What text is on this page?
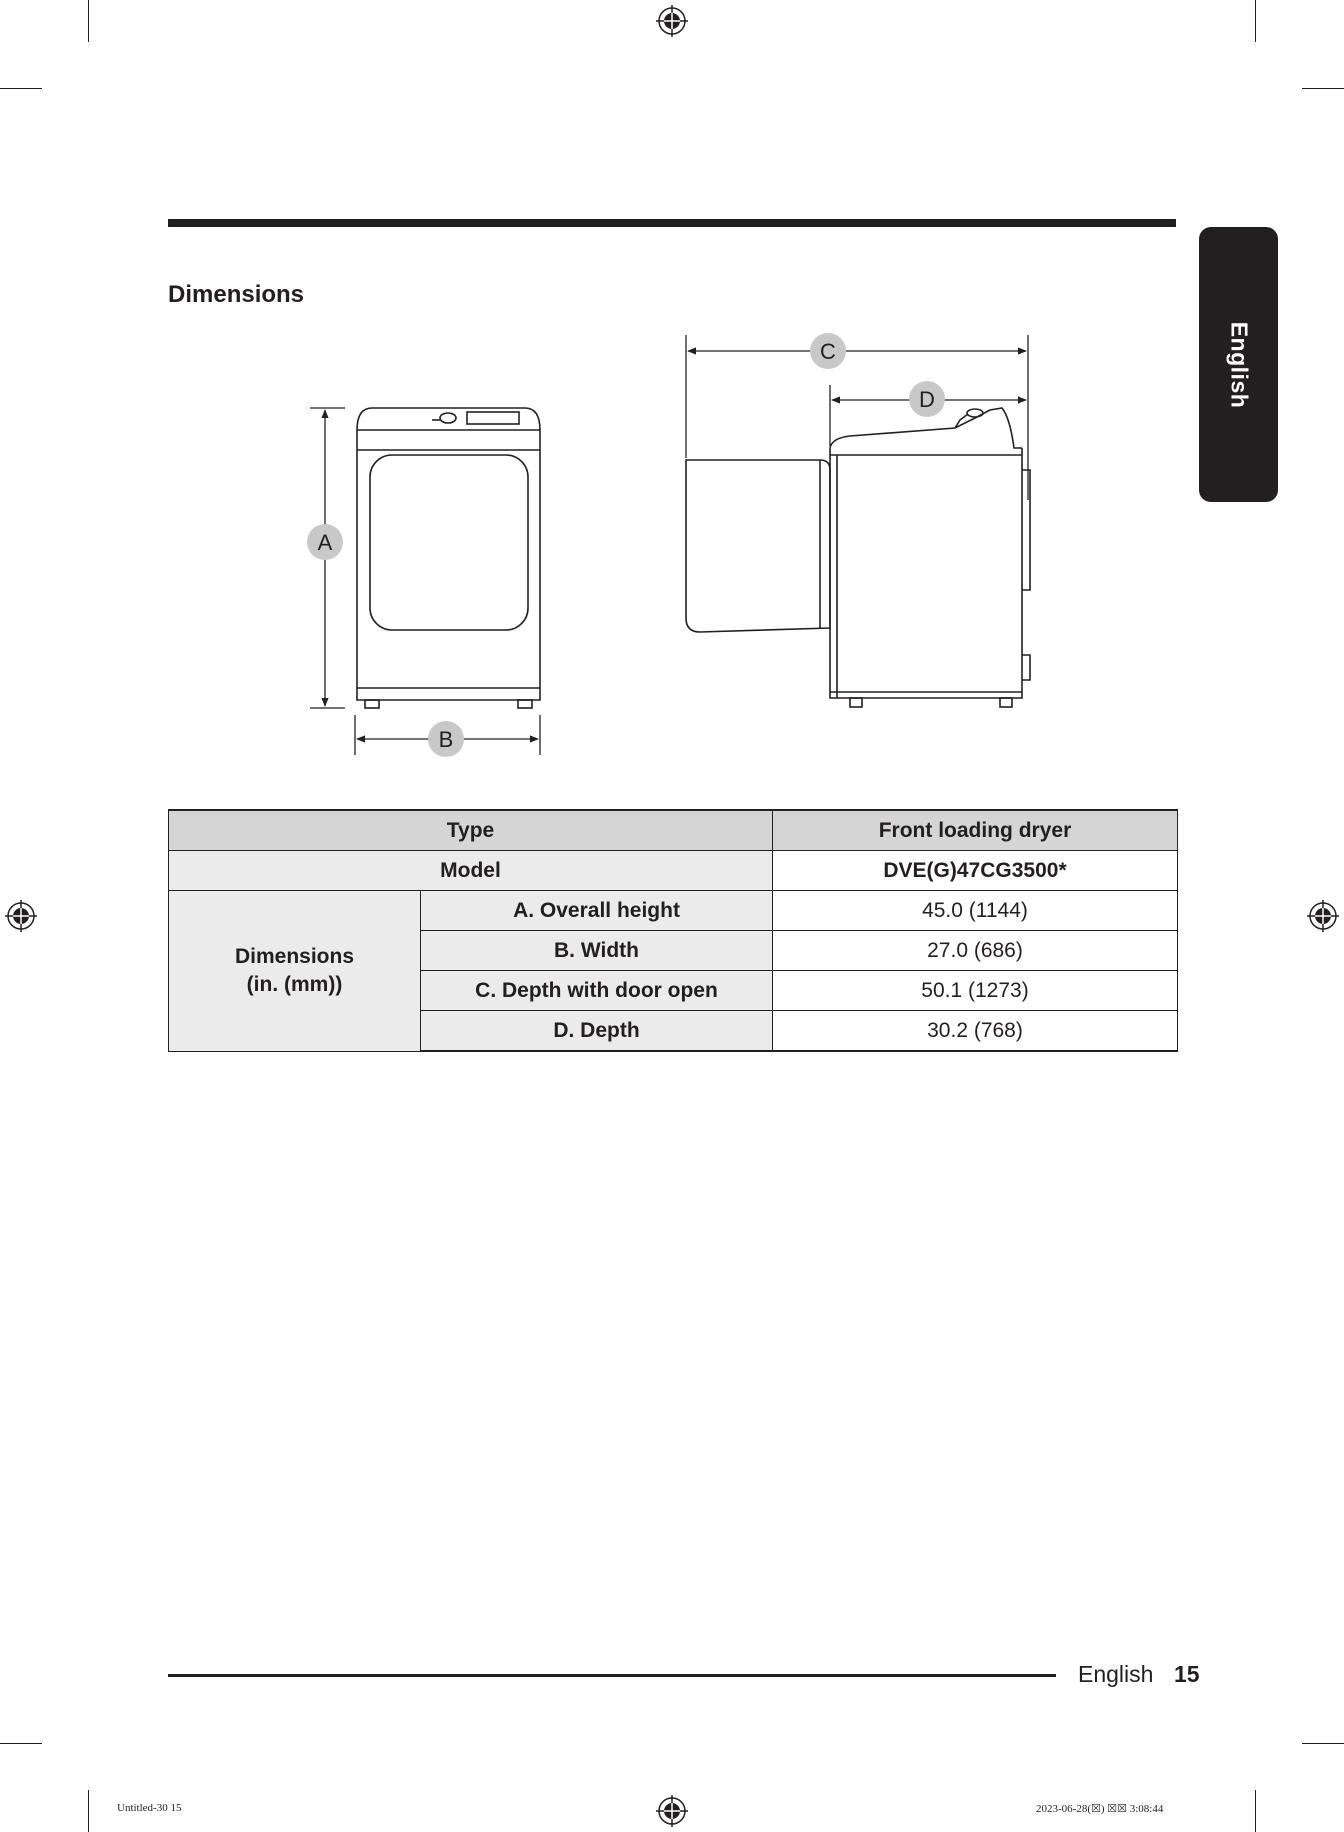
English
Dimensions
A
B
C
D
Type		Front loading dryer
Model		DVE(G)47CG3500*

Dimensions
(in. (mm))	A. Overall height	45.0 (1144)
	B. Width	27.0 (686)
	C. Depth with door open	50.1 (1273)
	D. Depth	30.2 (768)
English 15
Untitled-30 15	2023-06-28(☒) ☒☒ 3:08:44
